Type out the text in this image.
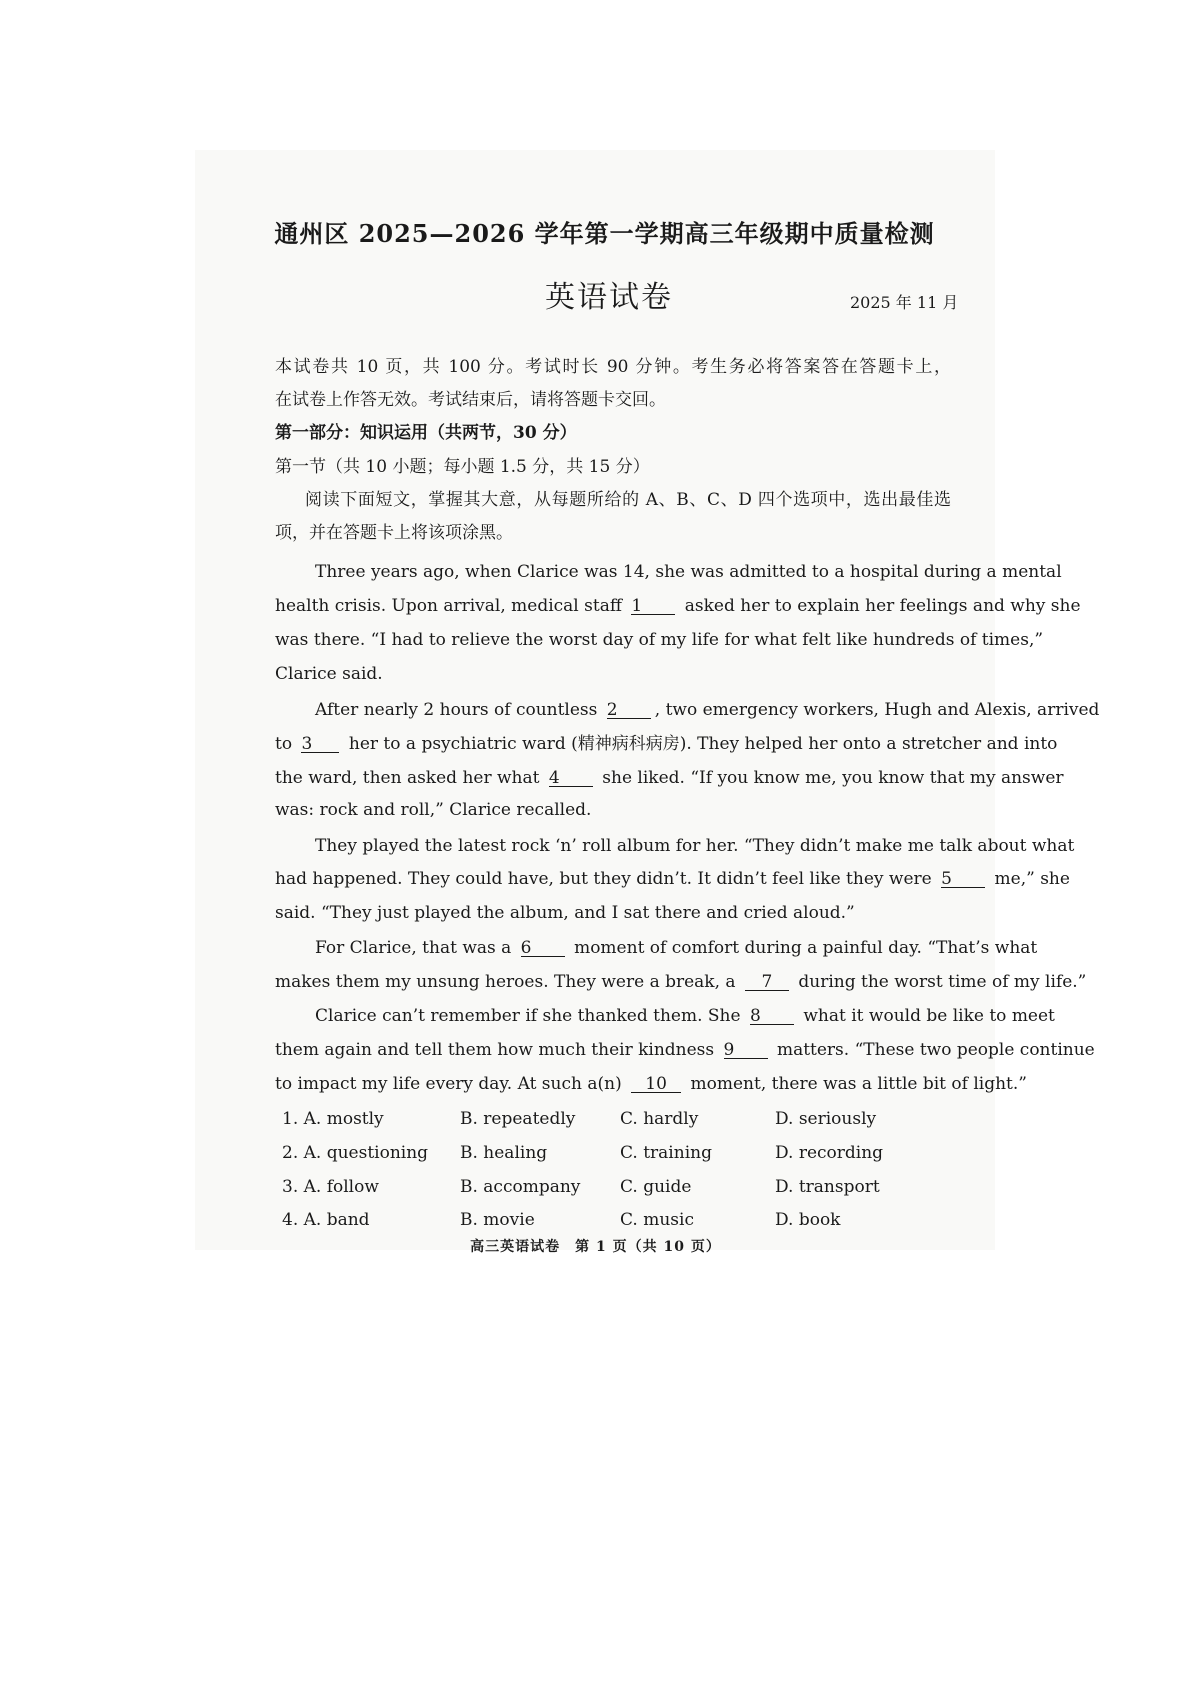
通州区 2025—2026 学年第一学期高三年级期中质量检测
英语试卷	2025 年 11 月
本试卷共 10 页，共 100 分。考试时长 90 分钟。考生务必将答案答在答题卡上，
在试卷上作答无效。考试结束后，请将答题卡交回。
第一部分：知识运用（共两节，30 分）
第一节（共 10 小题；每小题 1.5 分，共 15 分）
阅读下面短文，掌握其大意，从每题所给的 A、B、C、D 四个选项中，选出最佳选
项，并在答题卡上将该项涂黑。
Three years ago, when Clarice was 14, she was admitted to a hospital during a mental
health crisis. Upon arrival, medical staff 1	asked her to explain her feelings and why she
was there. “I had to relieve the worst day of my life for what felt like hundreds of times,”
Clarice said.
After nearly 2 hours of countless 2 , two emergency workers, Hugh and Alexis, arrived
to 3 her to a psychiatric ward (精神病科病房). They helped her onto a stretcher and into
the ward, then asked her what 4	she liked. “If you know me, you know that my answer
was: rock and roll,” Clarice recalled.
They played the latest rock ‘n’ roll album for her. “They didn’t make me talk about what
had happened. They could have, but they didn’t. It didn’t feel like they were 5	me,” she
said. “They just played the album, and I sat there and cried aloud.”
For Clarice, that was a 6	moment of comfort during a painful day. “That’s what
makes them my unsung heroes. They were a break, a 7 during the worst time of my life.”
Clarice can’t remember if she thanked them. She 8	what it would be like to meet
them again and tell them how much their kindness 9	matters. “These two people continue
to impact my life every day. At such a(n) 10 moment, there was a little bit of light.”
1. A. mostly	B. repeatedly	C. hardly	D. seriously
2. A. questioning B. healing	C. training	D. recording
3. A. follow	B. accompany C. guide	D. transport
4. A. band	B. movie	C. music	D. book
高三英语试卷　第 1 页（共 10 页）
